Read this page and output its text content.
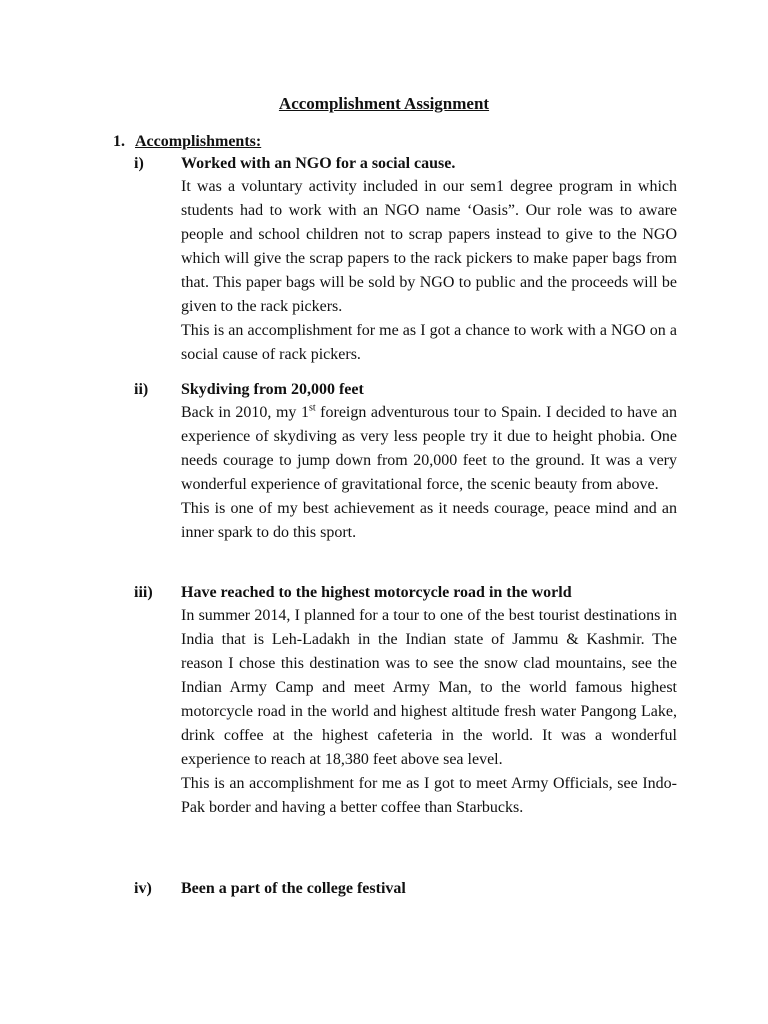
Accomplishment Assignment
1. Accomplishments:
i) Worked with an NGO for a social cause.

It was a voluntary activity included in our sem1 degree program in which students had to work with an NGO name ‘Oasis”. Our role was to aware people and school children not to scrap papers instead to give to the NGO which will give the scrap papers to the rack pickers to make paper bags from that. This paper bags will be sold by NGO to public and the proceeds will be given to the rack pickers.

This is an accomplishment for me as I got a chance to work with a NGO on a social cause of rack pickers.

ii) Skydiving from 20,000 feet

Back in 2010, my 1st foreign adventurous tour to Spain. I decided to have an experience of skydiving as very less people try it due to height phobia. One needs courage to jump down from 20,000 feet to the ground. It was a very wonderful experience of gravitational force, the scenic beauty from above.

This is one of my best achievement as it needs courage, peace mind and an inner spark to do this sport.

iii) Have reached to the highest motorcycle road in the world

In summer 2014, I planned for a tour to one of the best tourist destinations in India that is Leh-Ladakh in the Indian state of Jammu & Kashmir. The reason I chose this destination was to see the snow clad mountains, see the Indian Army Camp and meet Army Man, to the world famous highest motorcycle road in the world and highest altitude fresh water Pangong Lake, drink coffee at the highest cafeteria in the world. It was a wonderful experience to reach at 18,380 feet above sea level.

This is an accomplishment for me as I got to meet Army Officials, see Indo-Pak border and having a better coffee than Starbucks.

iv) Been a part of the college festival
